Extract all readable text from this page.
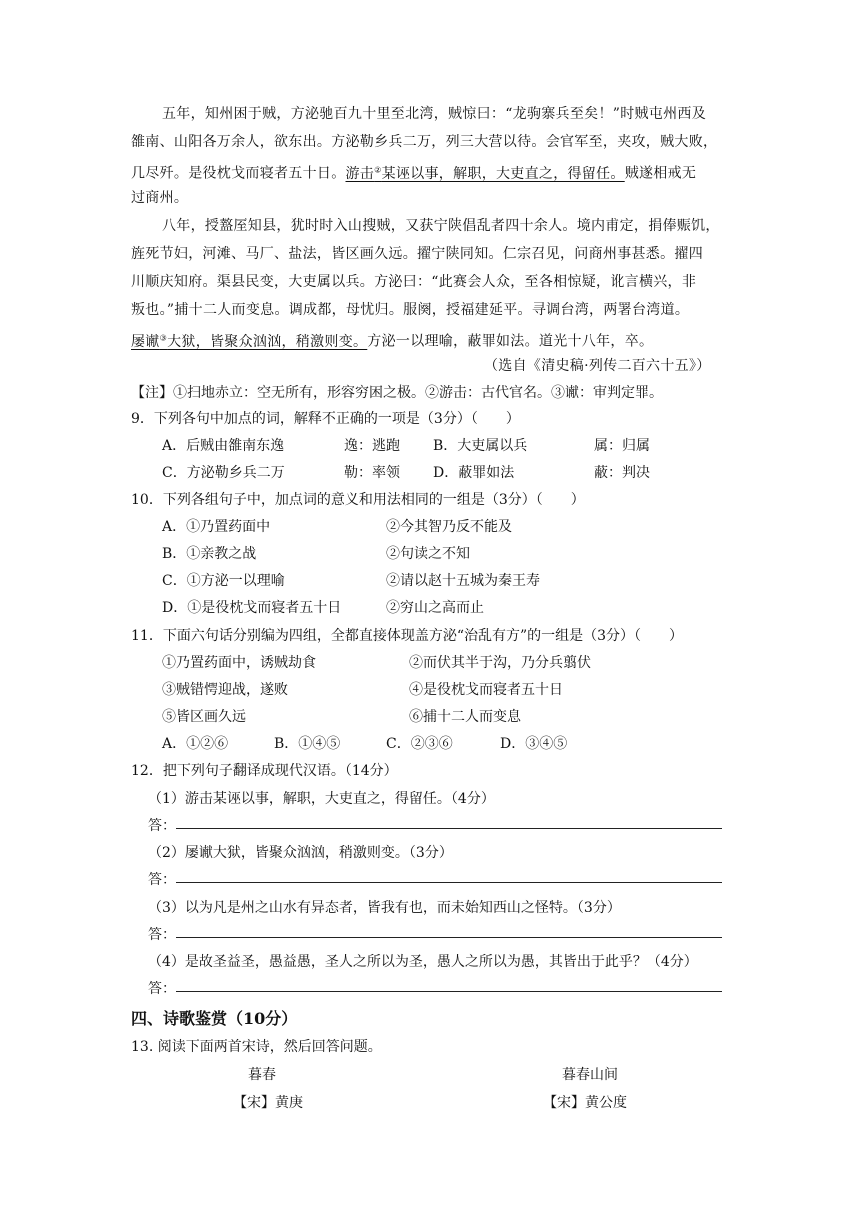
五年，知州困于贼，方泌驰百九十里至北湾，贼惊曰：“龙驹寨兵至矣！”时贼屯州西及
雒南、山阳各万余人，欲东出。方泌勒乡兵二万，列三大营以待。会官军至，夹攻，贼大败，
几尽歼。是役枕戈而寝者五十日。游击②某诬以事，解职，大吏直之，得留任。贼遂相戒无
过商州。
八年，授盩厔知县，犹时时入山搜贼，又获宁陕倡乱者四十余人。境内甫定，捐俸赈饥，
旌死节妇，河滩、马厂、盐法，皆区画久远。擢宁陕同知。仁宗召见，问商州事甚悉。擢四
川顺庆知府。渠县民变，大吏属以兵。方泌曰：“此赛会人众，至各相惊疑，讹言横兴，非
叛也。”捕十二人而变息。调成都，母忧归。服阕，授福建延平。寻调台湾，两署台湾道。
屡谳③大狱，皆聚众汹汹，稍激则变。方泌一以理喻，蔽罪如法。道光十八年，卒。
（选自《清史稿·列传二百六十五》）
【注】①扫地赤立：空无所有，形容穷困之极。②游击：古代官名。③谳：审判定罪。
9．下列各句中加点的词，解释不正确的一项是（3分）（　　）
A．后贼由雒南东逸	逸：逃跑 B．大吏属以兵	属：归属
C．方泌勒乡兵二万	勒：率领 D．蔽罪如法	蔽：判决
10．下列各组句子中，加点词的意义和用法相同的一组是（3分）（　　）
A．①乃置药面中	②今其智乃反不能及
B．①亲教之战	②句读之不知
C．①方泌一以理喻	②请以赵十五城为秦王寿
D．①是役枕戈而寝者五十日	②穷山之高而止
11．下面六句话分别编为四组，全都直接体现盖方泌“治乱有方”的一组是（3分）（　　）
①乃置药面中，诱贼劫食	②而伏其半于沟，乃分兵翦伏
③贼错愕迎战，遂败	④是役枕戈而寝者五十日
⑤皆区画久远	⑥捕十二人而变息
A．①②⑥	B．①④⑤	C．②③⑥	D．③④⑤
12．把下列句子翻译成现代汉语。（14分）
（1）游击某诬以事，解职，大吏直之，得留任。（4分）
答：
（2）屡谳大狱，皆聚众汹汹，稍激则变。（3分）
答：
（3）以为凡是州之山水有异态者，皆我有也，而未始知西山之怪特。（3分）
答：
（4）是故圣益圣，愚益愚，圣人之所以为圣，愚人之所以为愚，其皆出于此乎？（4分）
答：
四、诗歌鉴赏（10分）
13. 阅读下面两首宋诗，然后回答问题。
暮春
【宋】黄庚
暮春山间
【宋】黄公度
